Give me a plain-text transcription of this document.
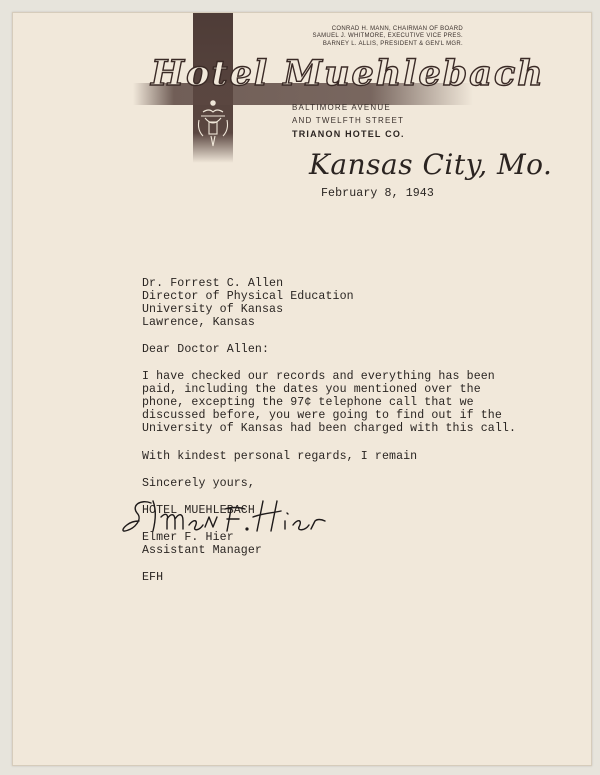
Hotel Muehlebach
CONRAD H. MANN, CHAIRMAN OF BOARD
SAMUEL J. WHITMORE, EXECUTIVE VICE PRES.
BARNEY L. ALLIS, PRESIDENT & GEN'L MGR.
BALTIMORE AVENUE
AND TWELFTH STREET
TRIANON HOTEL CO.
Kansas City, Mo.
February 8, 1943
Dr. Forrest C. Allen
Director of Physical Education
University of Kansas
Lawrence, Kansas
Dear Doctor Allen:
I have checked our records and everything has been
paid, including the dates you mentioned over the
phone, excepting the 97¢ telephone call that we
discussed before, you were going to find out if the
University of Kansas had been charged with this call.
With kindest personal regards, I remain
Sincerely yours,
HOTEL MUEHLEBACH
Elmer F. Hier
Assistant Manager
EFH
